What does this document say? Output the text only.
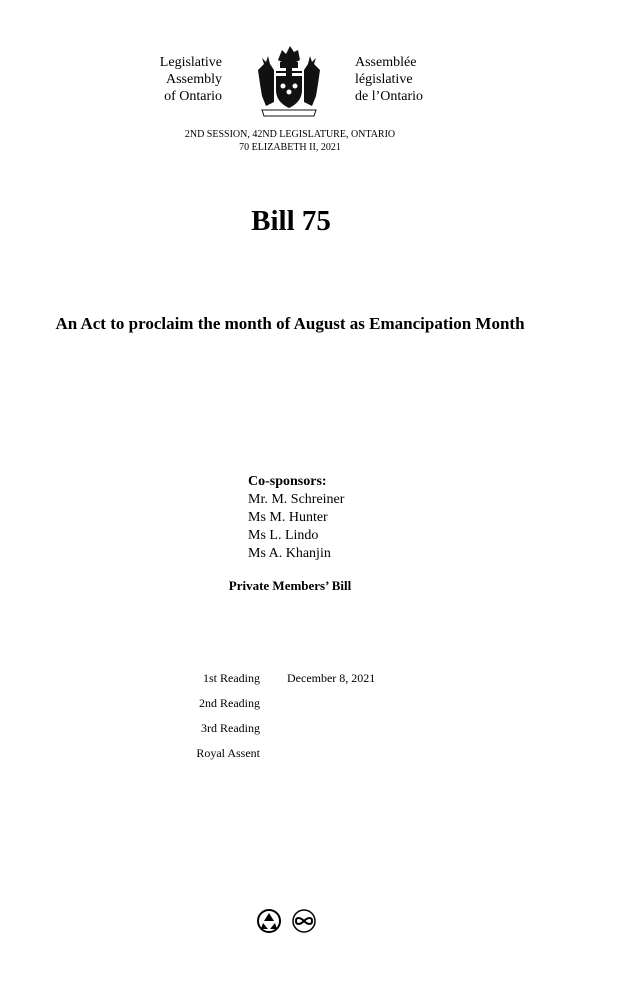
Legislative
Assembly
of Ontario
Assemblée
législative
de l’Ontario
2ND SESSION, 42ND LEGISLATURE, ONTARIO
70 ELIZABETH II, 2021
Bill 75
An Act to proclaim the month of August as Emancipation Month
Co-sponsors:
Mr. M. Schreiner
Ms M. Hunter
Ms L. Lindo
Ms A. Khanjin
Private Members’ Bill
1st Reading December 8, 2021
2nd Reading
3rd Reading
Royal Assent
